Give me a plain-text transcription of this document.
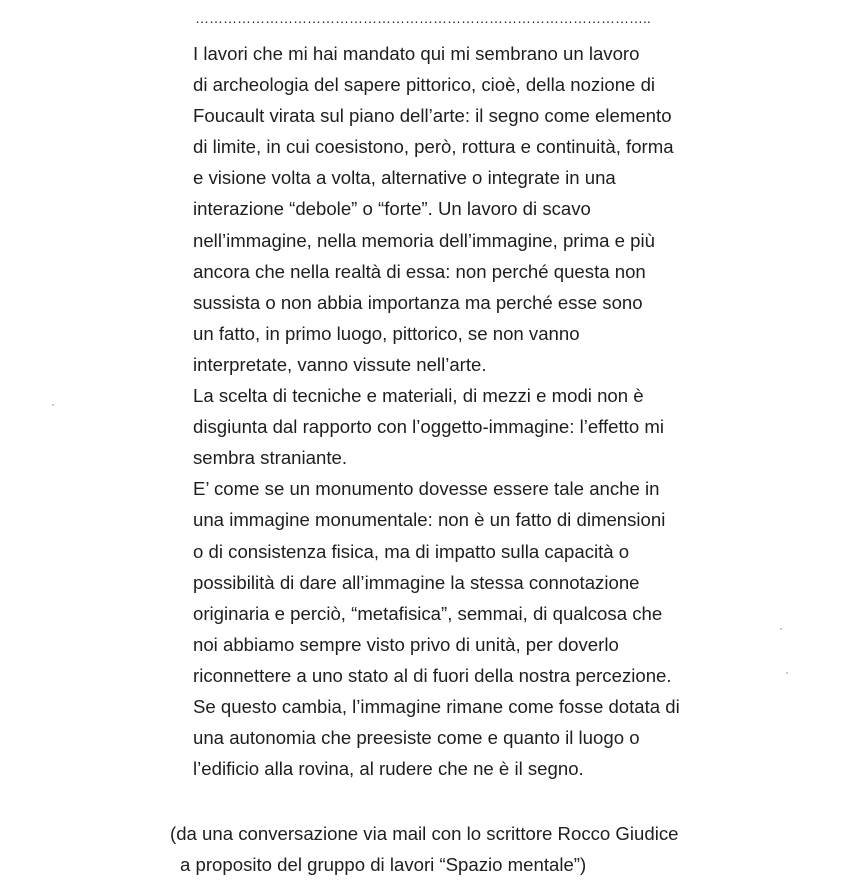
……………………………………………………………………………………..
I lavori che mi hai mandato qui mi sembrano un lavoro
di archeologia del sapere pittorico, cioè, della nozione di
Foucault virata sul piano dell’arte: il segno come elemento
di limite, in cui coesistono, però, rottura e continuità, forma
e visione volta a volta, alternative o integrate in una
interazione “debole” o “forte”. Un lavoro di scavo
nell’immagine, nella memoria dell’immagine, prima e più
ancora che nella realtà di essa: non perché questa non
sussista o non abbia importanza ma perché esse sono
un fatto, in primo luogo, pittorico, se non vanno
interpretate, vanno vissute nell’arte.
La scelta di tecniche e materiali, di mezzi e modi non è
disgiunta dal rapporto con l’oggetto-immagine: l’effetto mi
sembra straniante.
E’ come se un monumento dovesse essere tale anche in
una immagine monumentale: non è un fatto di dimensioni
o di consistenza fisica, ma di impatto sulla capacità o
possibilità di dare all’immagine la stessa connotazione
originaria e perciò, “metafisica”, semmai, di qualcosa che
noi abbiamo sempre visto privo di unità, per doverlo
riconnettere a uno stato al di fuori della nostra percezione.
Se questo cambia, l’immagine rimane come fosse dotata di
una autonomia che preesiste come e quanto il luogo o
l’edificio alla rovina, al rudere che ne è il segno.
(da una conversazione via mail con lo scrittore Rocco Giudice
a proposito del gruppo di lavori “Spazio mentale”)
